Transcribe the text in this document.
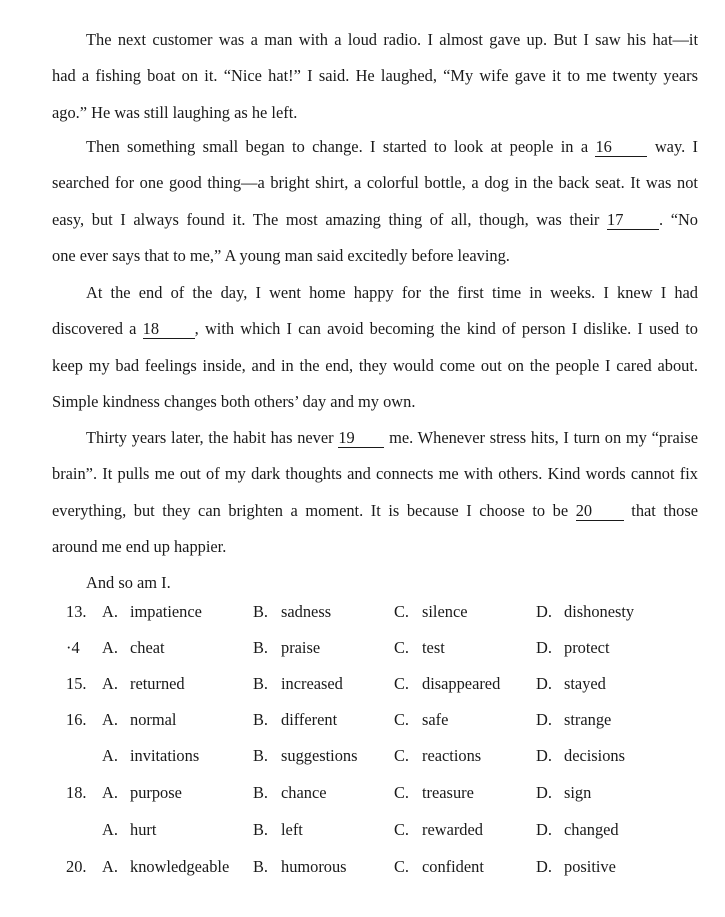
The next customer was a man with a loud radio. I almost gave up. But I saw his hat—it
had a fishing boat on it. “Nice hat!” I said. He laughed, “My wife gave it to me twenty years
ago.” He was still laughing as he left.
Then something small began to change. I started to look at people in a 16 way. I
searched for one good thing—a bright shirt, a colorful bottle, a dog in the back seat. It was not
easy, but I always found it. The most amazing thing of all, though, was their 17 . “No
one ever says that to me,” A young man said excitedly before leaving.
At the end of the day, I went home happy for the first time in weeks. I knew I had
discovered a 18 , with which I can avoid becoming the kind of person I dislike. I used to
keep my bad feelings inside, and in the end, they would come out on the people I cared about.
Simple kindness changes both others’ day and my own.
Thirty years later, the habit has never 19 me. Whenever stress hits, I turn on my “praise
brain”. It pulls me out of my dark thoughts and connects me with others. Kind words cannot fix
everything, but they can brighten a moment. It is because I choose to be 20 that those
around me end up happier.
And so am I.
13. A. impatience	B. sadness	C. silence	D. dishonesty
·4 A. cheat	B. praise	C. test	D. protect
15. A. returned	B. increased	C. disappeared D. stayed
16. A. normal	B. different	C. safe	D. strange
A. invitations	B. suggestions C. reactions	D. decisions
18. A. purpose	B. chance	C. treasure	D. sign
A. hurt	B. left	C. rewarded	D. changed
20. A. knowledgeable B. humorous	C. confident	D. positive
